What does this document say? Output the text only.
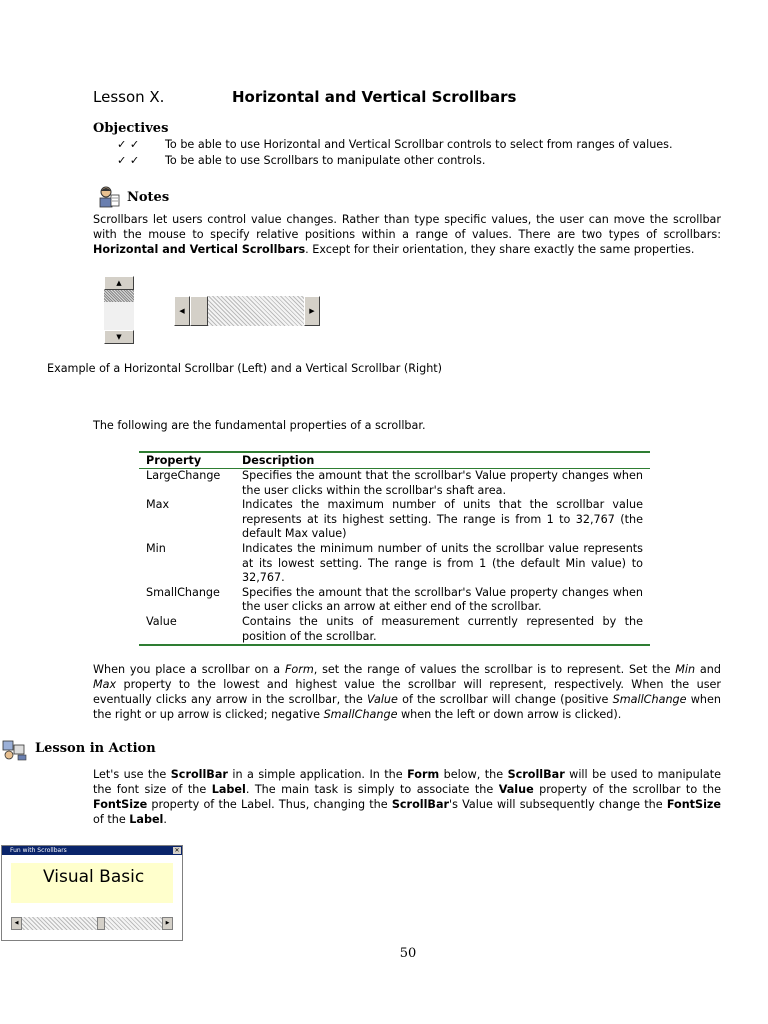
Lesson X.	Horizontal and Vertical Scrollbars
Objectives
✓ ✓ To be able to use Horizontal and Vertical Scrollbar controls to select from ranges of values.
✓ ✓ To be able to use Scrollbars to manipulate other controls.
Notes
Scrollbars let users control value changes. Rather than type specific values, the user can move the scrollbar with the mouse to specify relative positions within a range of values. There are two types of scrollbars: Horizontal and Vertical Scrollbars. Except for their orientation, they share exactly the same properties.
▲
▼
◀	▶
Example of a Horizontal Scrollbar (Left) and a Vertical Scrollbar (Right)
The following are the fundamental properties of a scrollbar.
Property	Description
LargeChange	Specifies the amount that the scrollbar's Value property changes when the user clicks within the scrollbar's shaft area.
Max	Indicates the maximum number of units that the scrollbar value represents at its highest setting. The range is from 1 to 32,767 (the default Max value)
Min	Indicates the minimum number of units the scrollbar value represents at its lowest setting. The range is from 1 (the default Min value) to 32,767.
SmallChange	Specifies the amount that the scrollbar's Value property changes when the user clicks an arrow at either end of the scrollbar.
Value	Contains the units of measurement currently represented by the position of the scrollbar.
When you place a scrollbar on a Form, set the range of values the scrollbar is to represent. Set the Min and Max property to the lowest and highest value the scrollbar will represent, respectively. When the user eventually clicks any arrow in the scrollbar, the Value of the scrollbar will change (positive SmallChange when the right or up arrow is clicked; negative SmallChange when the left or down arrow is clicked).
Lesson in Action
Let's use the ScrollBar in a simple application. In the Form below, the ScrollBar will be used to manipulate the font size of the Label. The main task is simply to associate the Value property of the scrollbar to the FontSize property of the Label. Thus, changing the ScrollBar's Value will subsequently change the FontSize of the Label.
Fun with Scrollbars	✕
Visual Basic
◀	▶
50
